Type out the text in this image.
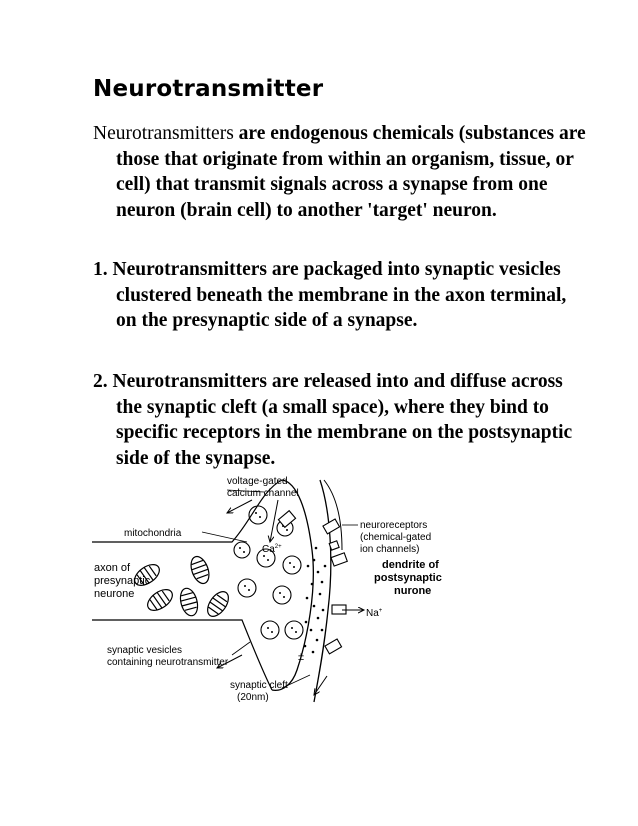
Neurotransmitter

Neurotransmitters are endogenous chemicals (substances are those that originate from within an organism, tissue, or cell) that transmit signals across a synapse from one neuron (brain cell) to another 'target' neuron.

1. Neurotransmitters are packaged into synaptic vesicles clustered beneath the membrane in the axon terminal, on the presynaptic side of a synapse.

2. Neurotransmitters are released into and diffuse across the synaptic cleft (a small space), where they bind to specific receptors in the membrane on the postsynaptic side of the synapse.

voltage-gated
calcium channel
mitochondria
axon of
presynaptic
neurone
$Ca^{2+}$
neuroreceptors
(chemical-gated
ion channels)
dendrite of
postsynaptic
nurone
Na+
synaptic vesicles
containing neurotransmitter
synaptic cleft
(20nm)
±
